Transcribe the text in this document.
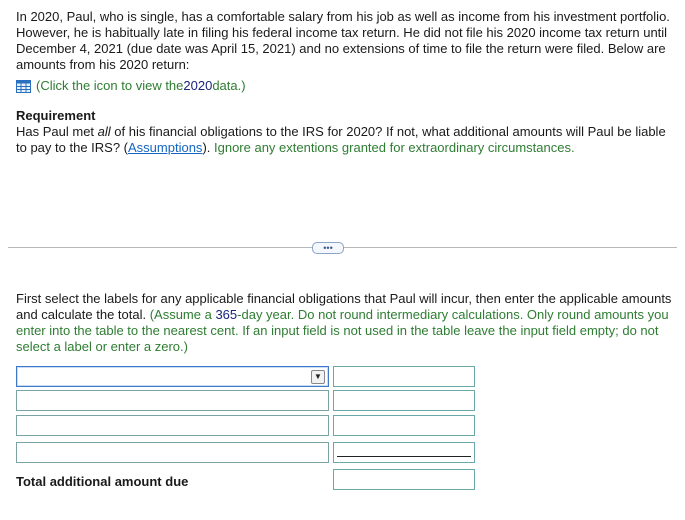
In 2020, Paul, who is single, has a comfortable salary from his job as well as income from his investment portfolio. However, he is habitually late in filing his federal income tax return. He did not file his 2020 income tax return until December 4, 2021 (due date was April 15, 2021) and no extensions of time to file the return were filed. Below are amounts from his 2020 return:
(Click the icon to view the 2020 data.)
Requirement
Has Paul met all of his financial obligations to the IRS for 2020? If not, what additional amounts will Paul be liable to pay to the IRS? (Assumptions). Ignore any extentions granted for extraordinary circumstances.
•••
First select the labels for any applicable financial obligations that Paul will incur, then enter the applicable amounts and calculate the total. (Assume a 365-day year. Do not round intermediary calculations. Only round amounts you enter into the table to the nearest cent. If an input field is not used in the table leave the input field empty; do not select a label or enter a zero.)
▼
Total additional amount due
